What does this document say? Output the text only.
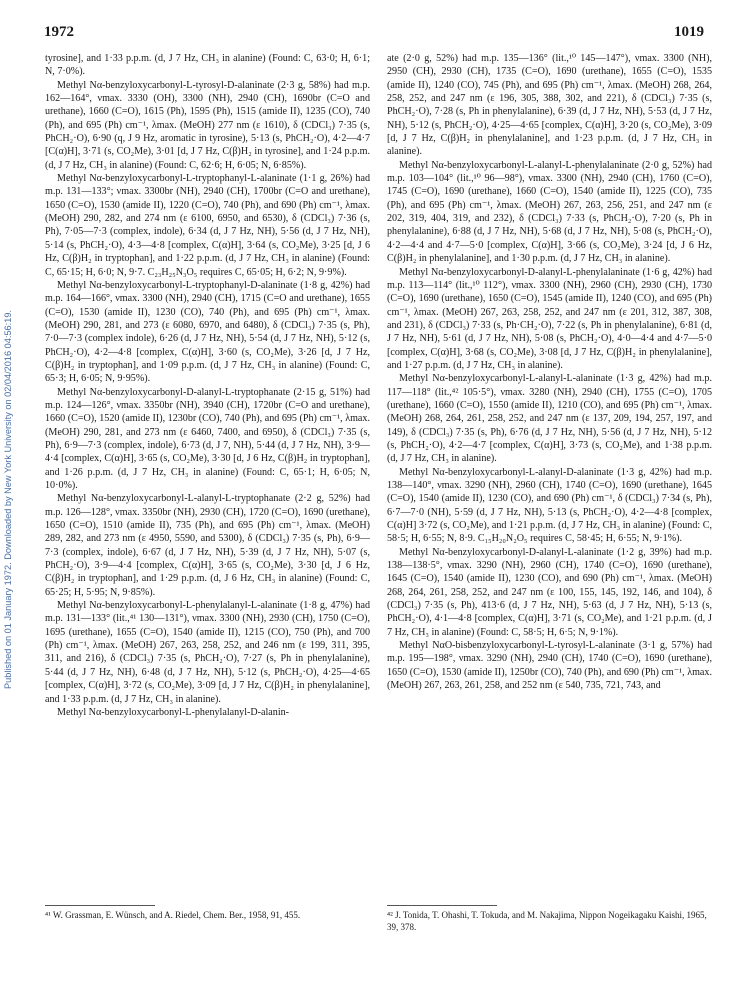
1972	1019
Published on 01 January 1972. Downloaded by New York University on 02/04/2016 04:56:19.

tyrosine], and 1·33 p.p.m. (d, J 7 Hz, CH₃ in alanine) (Found: C, 63·0; H, 6·1; N, 7·0%).

Methyl Nα-benzyloxycarbonyl-L-tyrosyl-D-alaninate (2·3 g, 58%) had m.p. 162—164°, νmax. 3330 (OH), 3300 (NH), 2940 (CH), 1690br (C=O and urethane), 1660 (C=O), 1615 (Ph), 1595 (Ph), 1515 (amide II), 1235 (CO), 740 (Ph), and 695 (Ph) cm⁻¹, λmax. (MeOH) 277 nm (ε 1610), δ (CDCl₃) 7·35 (s, PhCH₂·O), 6·90 (q, J 9 Hz, aromatic in tyrosine), 5·13 (s, PhCH₂·O), 4·2—4·7 [C(α)H], 3·71 (s, CO₂Me), 3·01 [d, J 7 Hz, C(β)H₂ in tyrosine], and 1·24 p.p.m. (d, J 7 Hz, CH₃ in alanine) (Found: C, 62·6; H, 6·05; N, 6·85%).

Methyl Nα-benzyloxycarbonyl-L-tryptophanyl-L-alaninate (1·1 g, 26%) had m.p. 131—133°; νmax. 3300br (NH), 2940 (CH), 1700br (C=O and urethane), 1650 (C=O), 1530 (amide II), 1220 (C=O), 740 (Ph), and 690 (Ph) cm⁻¹, λmax. (MeOH) 290, 282, and 274 nm (ε 6100, 6950, and 6530), δ (CDCl₃) 7·36 (s, Ph), 7·05—7·3 (complex, indole), 6·34 (d, J 7 Hz, NH), 5·56 (d, J 7 Hz, NH), 5·14 (s, PhCH₂·O), 4·3—4·8 [complex, C(α)H], 3·64 (s, CO₂Me), 3·25 [d, J 6 Hz, C(β)H₂ in tryptophan], and 1·22 p.p.m. (d, J 7 Hz, CH₃ in alanine) (Found: C, 65·15; H, 6·0; N, 9·7. C₂₃H₂₅N₃O₅ requires C, 65·05; H, 6·2; N, 9·9%).

Methyl Nα-benzyloxycarbonyl-L-tryptophanyl-D-alaninate (1·8 g, 42%) had m.p. 164—166°, νmax. 3300 (NH), 2940 (CH), 1715 (C=O and urethane), 1655 (C=O), 1530 (amide II), 1230 (CO), 740 (Ph), and 695 (Ph) cm⁻¹, λmax. (MeOH) 290, 281, and 273 (ε 6080, 6970, and 6480), δ (CDCl₃) 7·35 (s, Ph), 7·0—7·3 (complex indole), 6·26 (d, J 7 Hz, NH), 5·54 (d, J 7 Hz, NH), 5·12 (s, PhCH₂·O), 4·2—4·8 [complex, C(α)H], 3·60 (s, CO₂Me), 3·26 [d, J 7 Hz, C(β)H₂ in tryptophan], and 1·09 p.p.m. (d, J 7 Hz, CH₃ in alanine) (Found: C, 65·3; H, 6·05; N, 9·95%).

Methyl Nα-benzyloxycarbonyl-D-alanyl-L-tryptophanate (2·15 g, 51%) had m.p. 124—126°, νmax. 3350br (NH), 3940 (CH), 1720br (C=O and urethane), 1660 (C=O), 1520 (amide II), 1230br (CO), 740 (Ph), and 695 (Ph) cm⁻¹, λmax. (MeOH) 290, 281, and 273 nm (ε 6460, 7400, and 6950), δ (CDCl₃) 7·35 (s, Ph), 6·9—7·3 (complex, indole), 6·73 (d, J 7, NH), 5·44 (d, J 7 Hz, NH), 3·9—4·4 [complex, C(α)H], 3·65 (s, CO₂Me), 3·30 [d, J 6 Hz, C(β)H₂ in tryptophan], and 1·26 p.p.m. (d, J 7 Hz, CH₃ in alanine) (Found: C, 65·1; H, 6·05; N, 10·0%).

Methyl Nα-benzyloxycarbonyl-L-alanyl-L-tryptophanate (2·2 g, 52%) had m.p. 126—128°, νmax. 3350br (NH), 2930 (CH), 1720 (C=O), 1690 (urethane), 1650 (C=O), 1510 (amide II), 735 (Ph), and 695 (Ph) cm⁻¹, λmax. (MeOH) 289, 282, and 273 nm (ε 4950, 5590, and 5300), δ (CDCl₃) 7·35 (s, Ph), 6·9—7·3 (complex, indole), 6·67 (d, J 7 Hz, NH), 5·39 (d, J 7 Hz, NH), 5·07 (s, PhCH₂·O), 3·9—4·4 [complex, C(α)H], 3·65 (s, CO₂Me), 3·30 [d, J 6 Hz, C(β)H₂ in tryptophan], and 1·29 p.p.m. (d, J 6 Hz, CH₃ in alanine) (Found: C, 65·25; H, 5·95; N, 9·85%).

Methyl Nα-benzyloxycarbonyl-L-phenylalanyl-L-alaninate (1·8 g, 47%) had m.p. 131—133° (lit.,⁴¹ 130—131°), νmax. 3300 (NH), 2930 (CH), 1750 (C=O), 1695 (urethane), 1655 (C=O), 1540 (amide II), 1215 (CO), 750 (Ph), and 700 (Ph) cm⁻¹, λmax. (MeOH) 267, 263, 258, 252, and 246 nm (ε 199, 311, 395, 311, and 216), δ (CDCl₃) 7·35 (s, PhCH₂·O), 7·27 (s, Ph in phenylalanine), 5·44 (d, J 7 Hz, NH), 6·48 (d, J 7 Hz, NH), 5·12 (s, PhCH₂·O), 4·25—4·65 [complex, C(α)H], 3·72 (s, CO₂Me), 3·09 [d, J 7 Hz, C(β)H₂ in phenylalanine], and 1·33 p.p.m. (d, J 7 Hz, CH₃ in alanine).

Methyl Nα-benzyloxycarbonyl-L-phenylalanyl-D-alanin-

ate (2·0 g, 52%) had m.p. 135—136° (lit.,¹⁰ 145—147°), νmax. 3300 (NH), 2950 (CH), 2930 (CH), 1735 (C=O), 1690 (urethane), 1655 (C=O), 1535 (amide II), 1240 (CO), 745 (Ph), and 695 (Ph) cm⁻¹, λmax. (MeOH) 268, 264, 258, 252, and 247 nm (ε 196, 305, 388, 302, and 221), δ (CDCl₃) 7·35 (s, PhCH₂·O), 7·28 (s, Ph in phenylalanine), 6·39 (d, J 7 Hz, NH), 5·53 (d, J 7 Hz, NH), 5·12 (s, PhCH₂·O), 4·25—4·65 [complex, C(α)H], 3·20 (s, CO₂Me), 3·09 [d, J 7 Hz, C(β)H₂ in phenylalanine], and 1·23 p.p.m. (d, J 7 Hz, CH₃ in alanine).

Methyl Nα-benzyloxycarbonyl-L-alanyl-L-phenylalaninate (2·0 g, 52%) had m.p. 103—104° (lit.,¹⁰ 96—98°), νmax. 3300 (NH), 2940 (CH), 1760 (C=O), 1745 (C=O), 1690 (urethane), 1660 (C=O), 1540 (amide II), 1225 (CO), 735 (Ph), and 695 (Ph) cm⁻¹, λmax. (MeOH) 267, 263, 256, 251, and 247 nm (ε 202, 319, 404, 319, and 232), δ (CDCl₃) 7·33 (s, PhCH₂·O), 7·20 (s, Ph in phenylalanine), 6·88 (d, J 7 Hz, NH), 5·68 (d, J 7 Hz, NH), 5·08 (s, PhCH₂·O), 4·2—4·4 and 4·7—5·0 [complex, C(α)H], 3·66 (s, CO₂Me), 3·24 [d, J 6 Hz, C(β)H₂ in phenylalanine], and 1·30 p.p.m. (d, J 7 Hz, CH₃ in alanine).

Methyl Nα-benzyloxycarbonyl-D-alanyl-L-phenylalaninate (1·6 g, 42%) had m.p. 113—114° (lit.,¹⁰ 112°), νmax. 3300 (NH), 2960 (CH), 2930 (CH), 1730 (C=O), 1690 (urethane), 1650 (C=O), 1545 (amide II), 1240 (CO), and 695 (Ph) cm⁻¹, λmax. (MeOH) 267, 263, 258, 252, and 247 nm (ε 201, 312, 387, 308, and 231), δ (CDCl₃) 7·33 (s, Ph·CH₂·O), 7·22 (s, Ph in phenylalanine), 6·81 (d, J 7 Hz, NH), 5·61 (d, J 7 Hz, NH), 5·08 (s, PhCH₂·O), 4·0—4·4 and 4·7—5·0 [complex, C(α)H], 3·68 (s, CO₂Me), 3·08 [d, J 7 Hz, C(β)H₂ in phenylalanine], and 1·27 p.p.m. (d, J 7 Hz, CH₃ in alanine).

Methyl Nα-benzyloxycarbonyl-L-alanyl-L-alaninate (1·3 g, 42%) had m.p. 117—118° (lit.,⁴² 105·5°), νmax. 3280 (NH), 2940 (CH), 1755 (C=O), 1705 (urethane), 1660 (C=O), 1550 (amide II), 1210 (CO), and 695 (Ph) cm⁻¹, λmax. (MeOH) 268, 264, 261, 258, 252, and 247 nm (ε 137, 209, 194, 257, 197, and 149), δ (CDCl₃) 7·35 (s, Ph), 6·76 (d, J 7 Hz, NH), 5·56 (d, J 7 Hz, NH), 5·12 (s, PhCH₂·O), 4·2—4·7 [complex, C(α)H], 3·73 (s, CO₂Me), and 1·38 p.p.m. (d, J 7 Hz, CH₃ in alanine).

Methyl Nα-benzyloxycarbonyl-L-alanyl-D-alaninate (1·3 g, 42%) had m.p. 138—140°, νmax. 3290 (NH), 2960 (CH), 1740 (C=O), 1690 (urethane), 1645 (C=O), 1540 (amide II), 1230 (CO), and 690 (Ph) cm⁻¹, δ (CDCl₃) 7·34 (s, Ph), 6·7—7·0 (NH), 5·59 (d, J 7 Hz, NH), 5·13 (s, PhCH₂·O), 4·2—4·8 [complex, C(α)H] 3·72 (s, CO₂Me), and 1·21 p.p.m. (d, J 7 Hz, CH₃ in alanine) (Found: C, 58·5; H, 6·55; N, 8·9. C₁₅H₂₀N₂O₅ requires C, 58·45; H, 6·55; N, 9·1%).

Methyl Nα-benzyloxycarbonyl-D-alanyl-L-alaninate (1·2 g, 39%) had m.p. 138—138·5°, νmax. 3290 (NH), 2960 (CH), 1740 (C=O), 1690 (urethane), 1645 (C=O), 1540 (amide II), 1230 (CO), and 690 (Ph) cm⁻¹, λmax. (MeOH) 268, 264, 261, 258, 252, and 247 nm (ε 100, 155, 145, 192, 146, and 104), δ (CDCl₃) 7·35 (s, Ph), 413·6 (d, J 7 Hz, NH), 5·63 (d, J 7 Hz, NH), 5·13 (s, PhCH₂·O), 4·1—4·8 [complex, C(α)H], 3·71 (s, CO₂Me), and 1·21 p.p.m. (d, J 7 Hz, CH₃ in alanine) (Found: C, 58·5; H, 6·5; N, 9·1%).

Methyl NαO-bisbenzyloxycarbonyl-L-tyrosyl-L-alaninate (3·1 g, 57%) had m.p. 195—198°, νmax. 3290 (NH), 2940 (CH), 1740 (C=O), 1690 (urethane), 1650 (C=O), 1530 (amide II), 1250br (CO), 740 (Ph), and 690 (Ph) cm⁻¹, λmax. (MeOH) 267, 263, 261, 258, and 252 nm (ε 540, 735, 721, 743, and

⁴¹ W. Grassman, E. Wünsch, and A. Riedel, Chem. Ber., 1958, 91, 455.	⁴² J. Tonida, T. Ohashi, T. Tokuda, and M. Nakajima, Nippon Nogeikagaku Kaishi, 1965, 39, 378.
